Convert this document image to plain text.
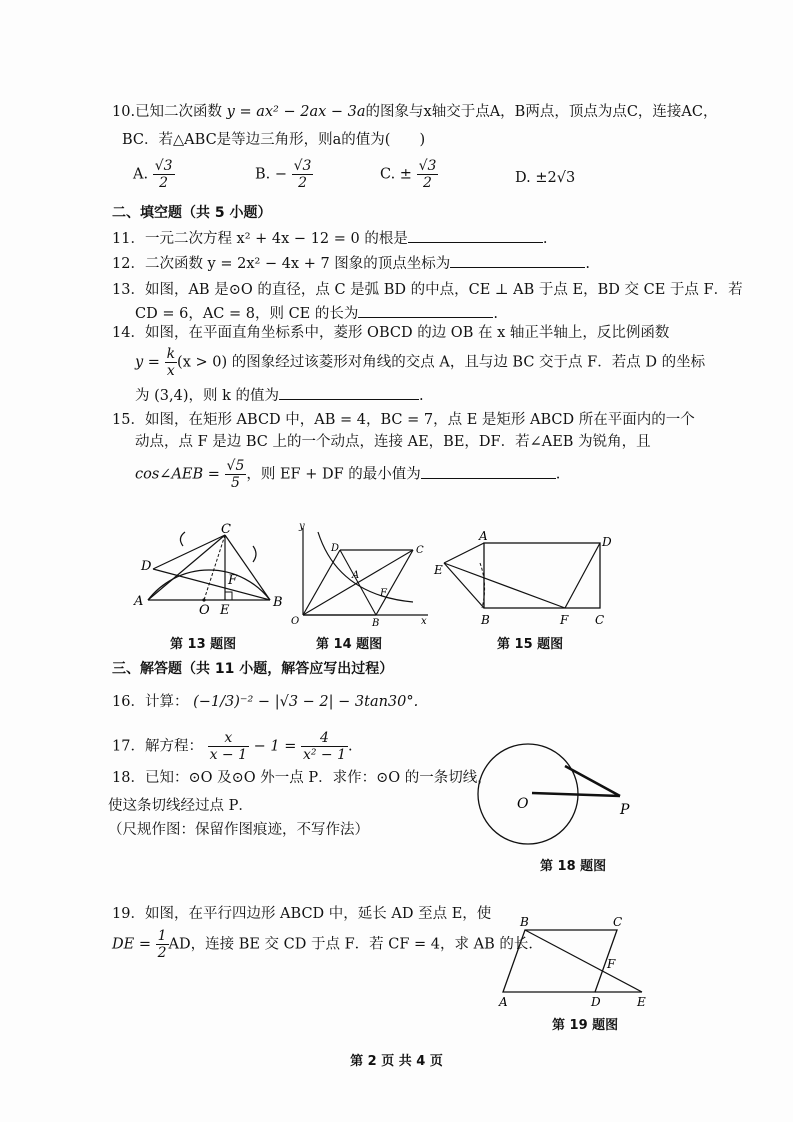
10.已知二次函数 y = ax² − 2ax − 3a的图象与x轴交于点A，B两点，顶点为点C，连接AC，
BC．若△ABC是等边三角形，则a的值为(　　)
A. $\frac{√3}{2}$	B. − $\frac{√3}{2}$	C. ± $\frac{√3}{2}$	D. ±2√3
二、填空题（共 5 小题）
11．一元二次方程 x² + 4x − 12 = 0 的根是	.
12．二次函数 y = 2x² − 4x + 7 图象的顶点坐标为	.
13．如图，AB 是⊙O 的直径，点 C 是弧 BD 的中点，CE ⊥ AB 于点 E，BD 交 CE 于点 F．若
CD = 6，AC = 8，则 CE 的长为	.
14．如图，在平面直角坐标系中，菱形 OBCD 的边 OB 在 x 轴正半轴上，反比例函数
$y = \frac{k}{x} (x > 0)$ 的图象经过该菱形对角线的交点 A，且与边 BC 交于点 F．若点 D 的坐标
为 (3,4)，则 k 的值为	.
15．如图，在矩形 ABCD 中，AB = 4，BC = 7，点 E 是矩形 ABCD 所在平面内的一个
动点，点 F 是边 BC 上的一个动点，连接 AE，BE，DF．若∠AEB 为锐角，且
cos∠AEB = $\frac{√5}{5}$ ，则 EF + DF 的最小值为	.
A	B
C
D
E
F
O
第 13 题图
y
x
O
D	C
A
B
F
第 14 题图
A	D
E
B	F C
第 15 题图
三、解答题（共 11 小题，解答应写出过程）
16．计算： (−1/3)⁻² − |√3 − 2| − 3tan30°.
17．解方程： $\frac{x}{x - 1} - 1 = \frac{4}{\text{x² − 1}}$ .
18．已知：⊙O 及⊙O 外一点 P．求作：⊙O 的一条切线，
使这条切线经过点 P．
（尺规作图：保留作图痕迹，不写作法）
O	P
第 18 题图
19．如图，在平行四边形 ABCD 中，延长 AD 至点 E，使
DE = $\frac{1}{2}$ AD，连接 BE 交 CD 于点 F．若 CF = 4，求 AB 的长．
B	C
F
A	D	E
第 19 题图
第 2 页 共 4 页
